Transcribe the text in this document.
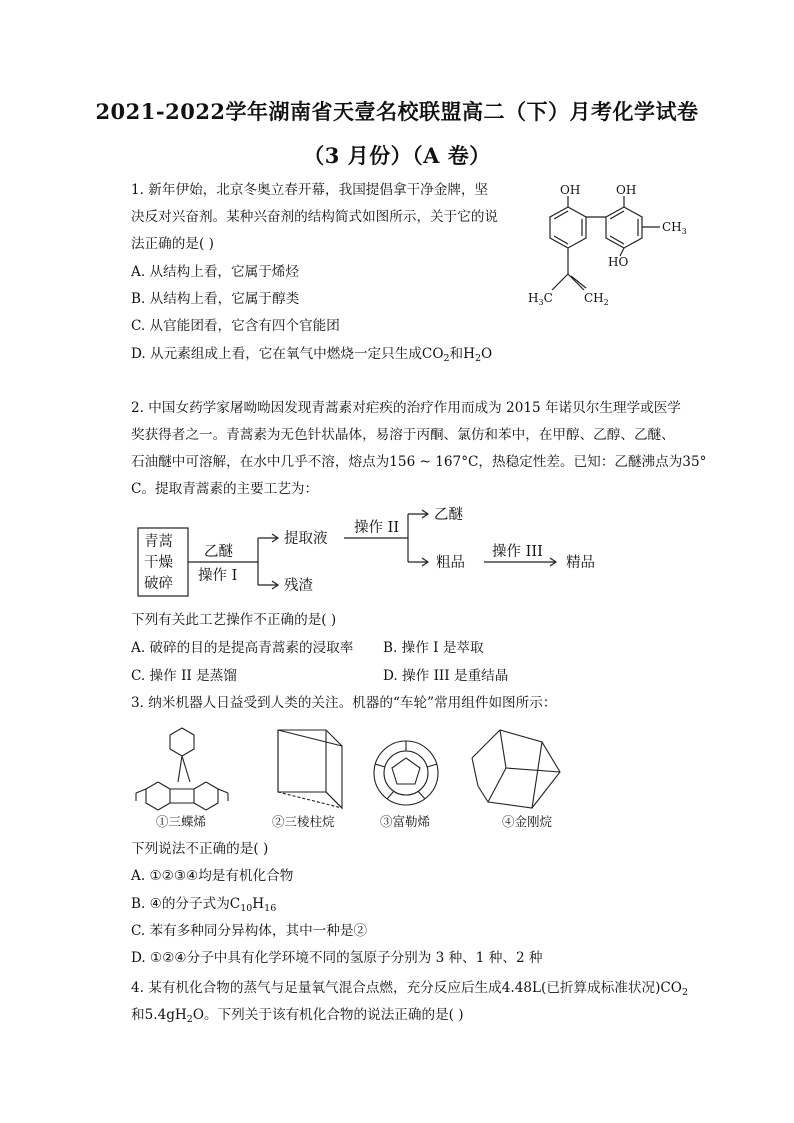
2021-2022学年湖南省天壹名校联盟高二（下）月考化学试卷
（3 月份）（A 卷）
1. 新年伊始，北京冬奥立春开幕，我国提倡拿干净金牌，坚
决反对兴奋剂。某种兴奋剂的结构简式如图所示，关于它的说
法正确的是( )
A. 从结构上看，它属于烯烃
B. 从结构上看，它属于醇类
C. 从官能团看，它含有四个官能团
D. 从元素组成上看，它在氧气中燃烧一定只生成$CO_2$和$H_2O$
OH	OH
HO
$CH_3$
$H_3C$	$CH_2$
2. 中国女药学家屠呦呦因发现青蒿素对疟疾的治疗作用而成为 2015 年诺贝尔生理学或医学
奖获得者之一。青蒿素为无色针状晶体，易溶于丙酮、氯仿和苯中，在甲醇、乙醇、乙醚、
石油醚中可溶解，在水中几乎不溶，熔点为156 ~ 167°C，热稳定性差。已知：乙醚沸点为35°
C。提取青蒿素的主要工艺为：
青蒿
干燥
破碎
乙醚
操作 I
提取液
残渣
操作 II
乙醚
粗品
操作 III
精品
下列有关此工艺操作不正确的是( )
A. 破碎的目的是提高青蒿素的浸取率 B. 操作 I 是萃取
C. 操作 II 是蒸馏	D. 操作 III 是重结晶
3. 纳米机器人日益受到人类的关注。机器的“车轮”常用组件如图所示：
①三蝶烯	②三棱柱烷	③富勒烯	④金刚烷
下列说法不正确的是( )
A. ①②③④均是有机化合物
B. ④的分子式为$C_{10}H_{16}$
C. 苯有多种同分异构体，其中一种是②
D. ①②④分子中具有化学环境不同的氢原子分别为 3 种、1 种、2 种
4. 某有机化合物的蒸气与足量氧气混合点燃，充分反应后生成4.48L(已折算成标准状况)$CO_2$
和$5.4gH_2O$。下列关于该有机化合物的说法正确的是( )
